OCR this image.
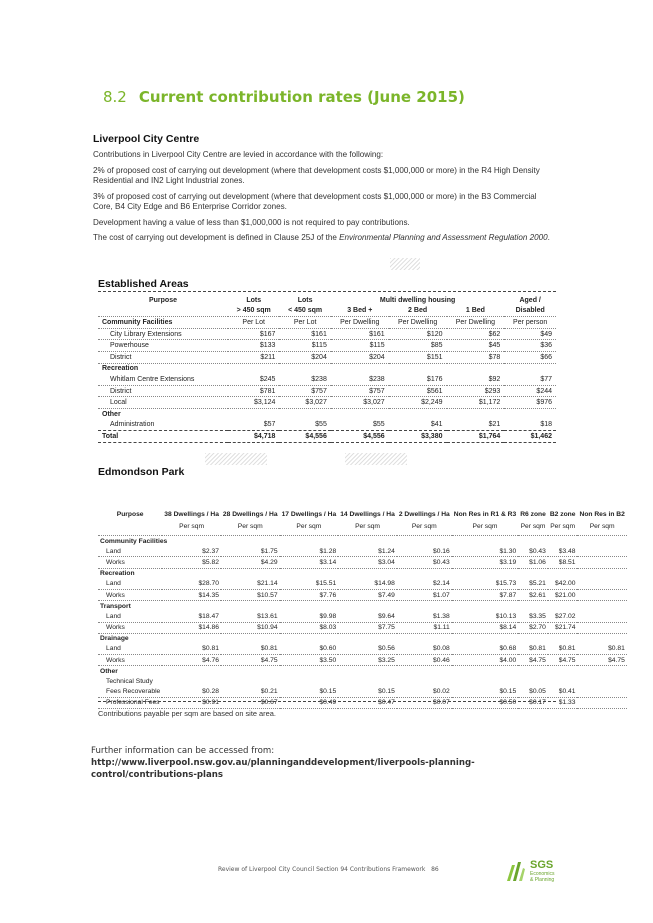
8.2 Current contribution rates (June 2015)
Liverpool City Centre

Contributions in Liverpool City Centre are levied in accordance with the following:

2% of proposed cost of carrying out development (where that development costs $1,000,000 or more) in the R4 High Density Residential and IN2 Light Industrial zones.

3% of proposed cost of carrying out development (where that development costs $1,000,000 or more) in the B3 Commercial Core, B4 City Edge and B6 Enterprise Corridor zones.

Development having a value of less than $1,000,000 is not required to pay contributions.

The cost of carrying out development is defined in Clause 25J of the Environmental Planning and Assessment Regulation 2000.

Established Areas
Purpose	Lots	Lots	Multi dwelling housing			Aged /
	> 450 sqm	< 450 sqm	3 Bed +	2 Bed	1 Bed	Disabled
Community Facilities	Per Lot	Per Lot	Per Dwelling	Per Dwelling	Per Dwelling	Per person
City Library Extensions	$167	$161	$161	$120	$62	$49
Powerhouse	$133	$115	$115	$85	$45	$36
District	$211	$204	$204	$151	$78	$66
Recreation						
Whitlam Centre Extensions	$245	$238	$238	$176	$92	$77
District	$781	$757	$757	$561	$293	$244
Local	$3,124	$3,027	$3,027	$2,249	$1,172	$976
Other						
Administration	$57	$55	$55	$41	$21	$18
Total	$4,718	$4,556	$4,556	$3,380	$1,764	$1,462
Edmondson Park
Purpose	38 Dwellings / Ha	28 Dwellings / Ha	17 Dwellings / Ha	14 Dwellings / Ha	2 Dwellings / Ha	Non Res in R1 & R3	R6 zone	B2 zone	Non Res in B2
	Per sqm	Per sqm	Per sqm	Per sqm	Per sqm	Per sqm	Per sqm	Per sqm	Per sqm
Community Facilities									
Land	$2.37	$1.75	$1.28	$1.24	$0.16	$1.30	$0.43	$3.48	
Works	$5.82	$4.29	$3.14	$3.04	$0.43	$3.19	$1.06	$8.51	
Recreation									
Land	$28.70	$21.14	$15.51	$14.98	$2.14	$15.73	$5.21	$42.00	
Works	$14.35	$10.57	$7.76	$7.49	$1.07	$7.87	$2.61	$21.00	
Transport									
Land	$18.47	$13.61	$9.98	$9.64	$1.38	$10.13	$3.35	$27.02	
Works	$14.86	$10.94	$8.03	$7.75	$1.11	$8.14	$2.70	$21.74	
Drainage									
Land	$0.81	$0.81	$0.60	$0.56	$0.08	$0.68	$0.81	$0.81	$0.81
Works	$4.76	$4.75	$3.50	$3.25	$0.46	$4.00	$4.75	$4.75	$4.75
Other									
Technical Study									
Fees Recoverable	$0.28	$0.21	$0.15	$0.15	$0.02	$0.15	$0.05	$0.41	
Professional Fees	$0.91	$0.67	$0.49	$0.47	$0.07	$0.50	$0.17	$1.33	
Contributions payable per sqm are based on site area.
Further information can be accessed from:
http://www.liverpool.nsw.gov.au/planninganddevelopment/liverpools-planning-
control/contributions-plans
Review of Liverpool City Council Section 94 Contributions Framework 86	SGS
Economics
& Planning
